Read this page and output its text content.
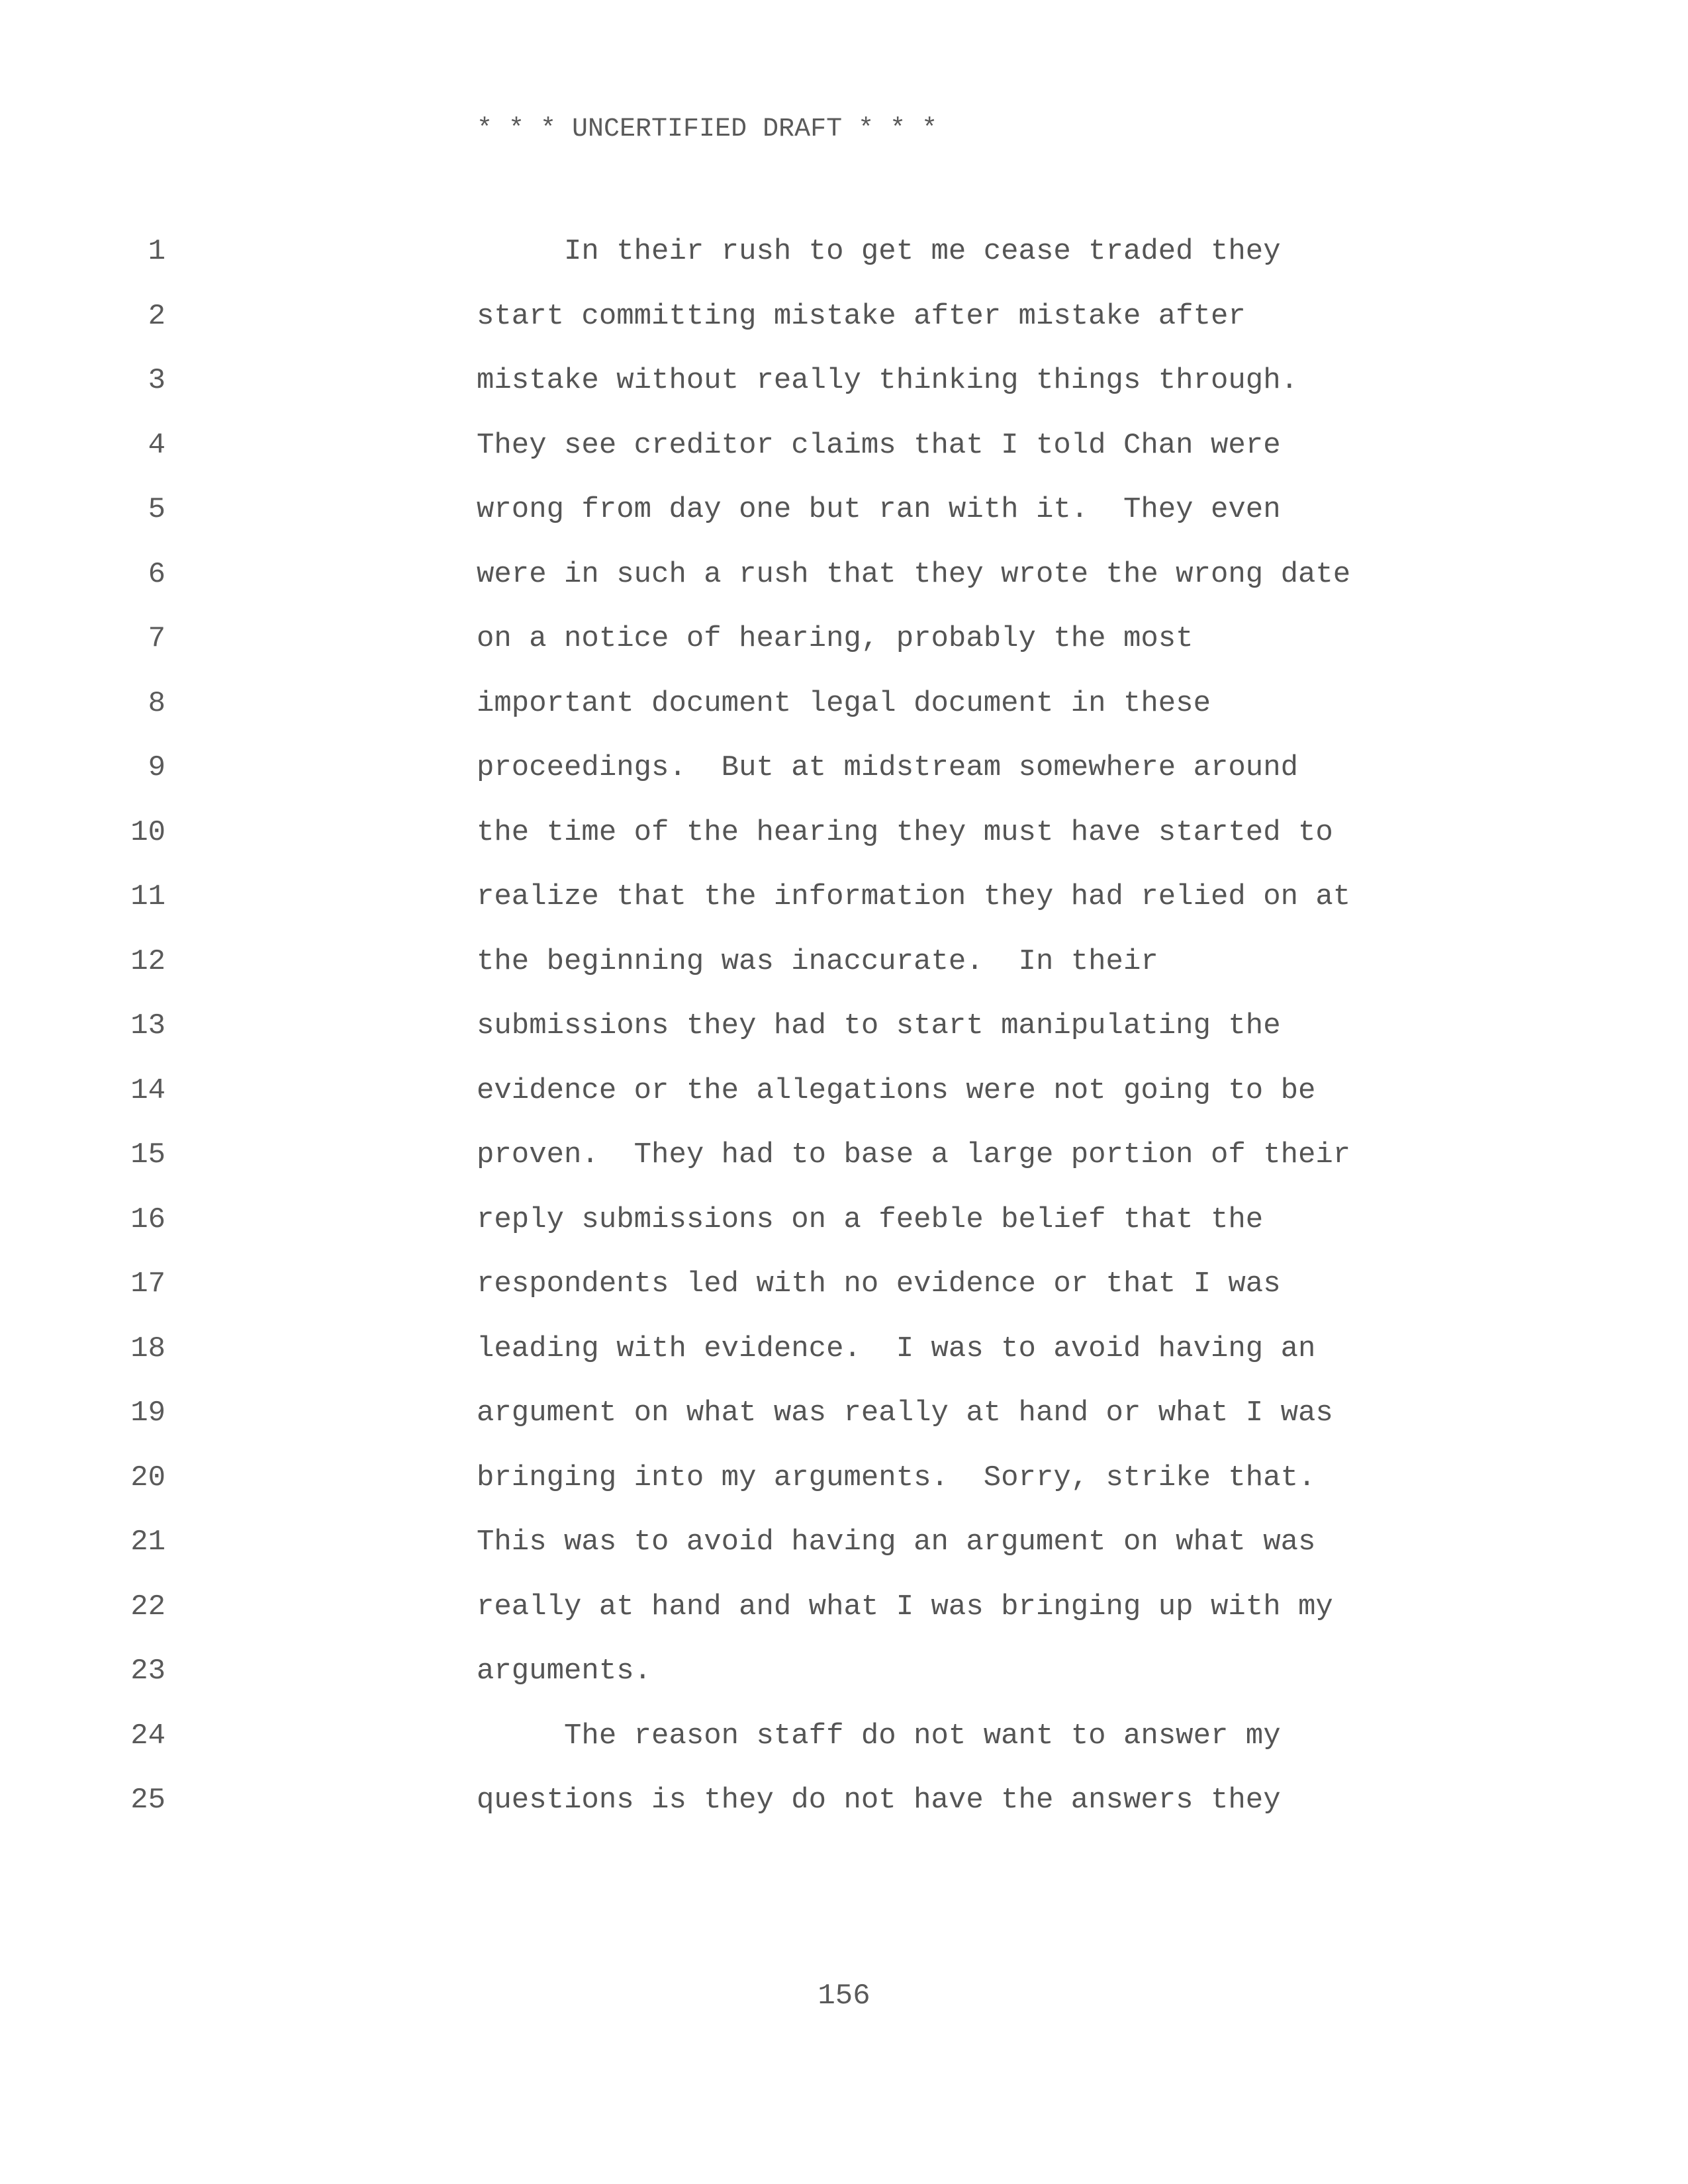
* * * UNCERTIFIED DRAFT * * *
1	In their rush to get me cease traded they
2	start committing mistake after mistake after
3	mistake without really thinking things through.
4	They see creditor claims that I told Chan were
5	wrong from day one but ran with it.  They even
6	were in such a rush that they wrote the wrong date
7	on a notice of hearing, probably the most
8	important document legal document in these
9	proceedings.  But at midstream somewhere around
10	the time of the hearing they must have started to
11	realize that the information they had relied on at
12	the beginning was inaccurate.  In their
13	submissions they had to start manipulating the
14	evidence or the allegations were not going to be
15	proven.  They had to base a large portion of their
16	reply submissions on a feeble belief that the
17	respondents led with no evidence or that I was
18	leading with evidence.  I was to avoid having an
19	argument on what was really at hand or what I was
20	bringing into my arguments.  Sorry, strike that.
21	This was to avoid having an argument on what was
22	really at hand and what I was bringing up with my
23	arguments.
24	The reason staff do not want to answer my
25	questions is they do not have the answers they
156
